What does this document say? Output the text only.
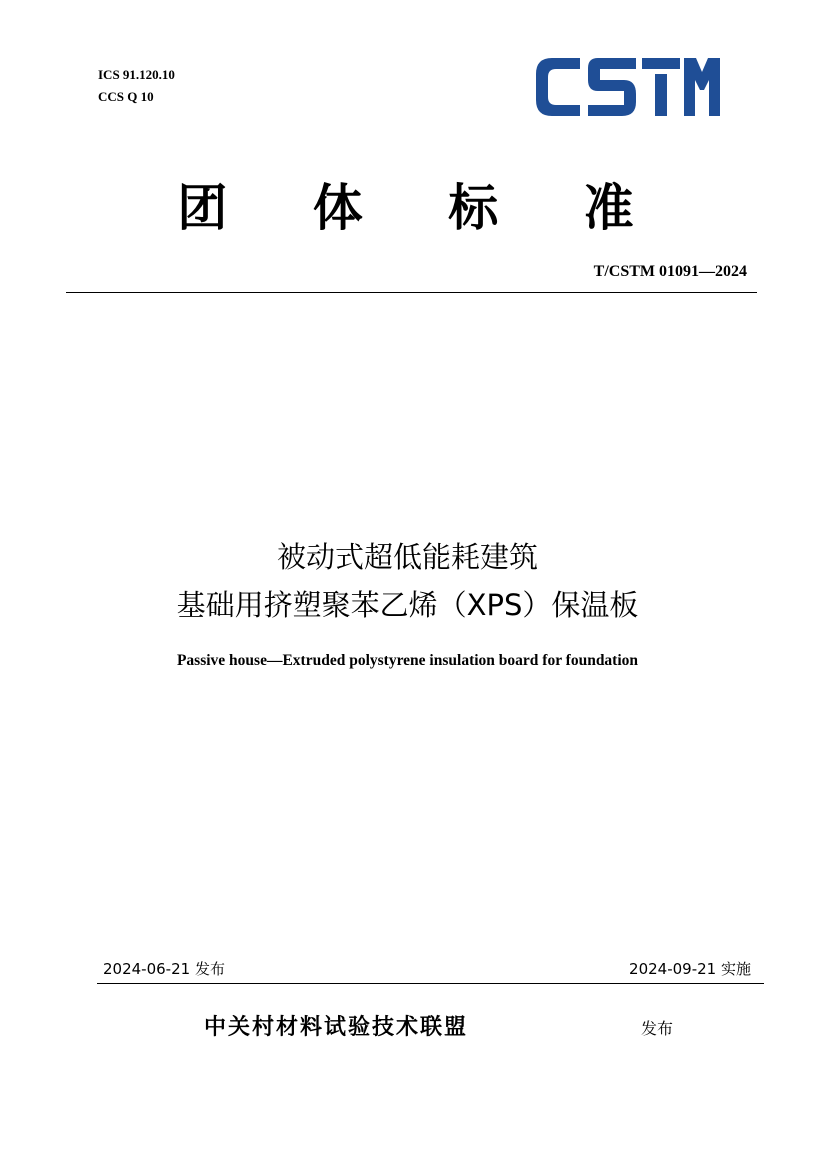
ICS 91.120.10
CCS Q 10
团 体 标 准
T/CSTM 01091—2024
被动式超低能耗建筑
基础用挤塑聚苯乙烯（XPS）保温板
Passive house—Extruded polystyrene insulation board for foundation
2024-06-21 发布	2024-09-21 实施
中关村材料试验技术联盟	发布
